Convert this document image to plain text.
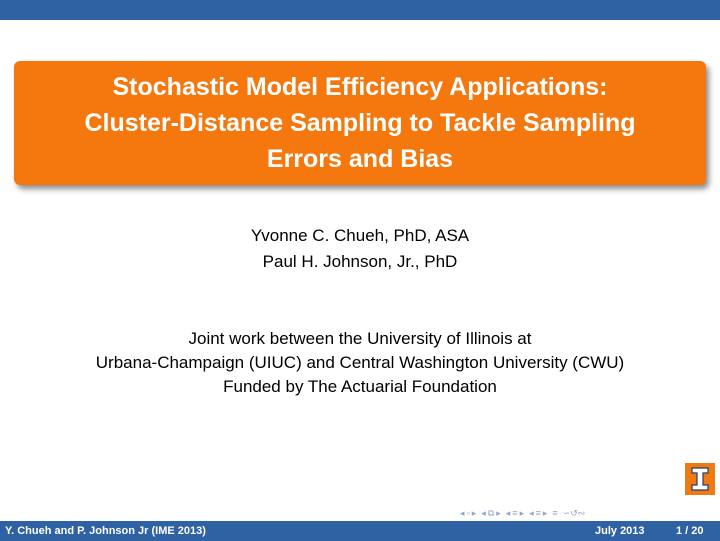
Stochastic Model Efficiency Applications:
Cluster-Distance Sampling to Tackle Sampling
Errors and Bias
Yvonne C. Chueh, PhD, ASA
Paul H. Johnson, Jr., PhD
Joint work between the University of Illinois at
Urbana-Champaign (UIUC) and Central Washington University (CWU)
Funded by The Actuarial Foundation
◂ ▫ ▸ ◂ ⧉ ▸ ◂ ≡ ▸ ◂ ≡ ▸ ≡ ∽↺∾
Y. Chueh and P. Johnson Jr (IME 2013)	July 2013	1 / 20
